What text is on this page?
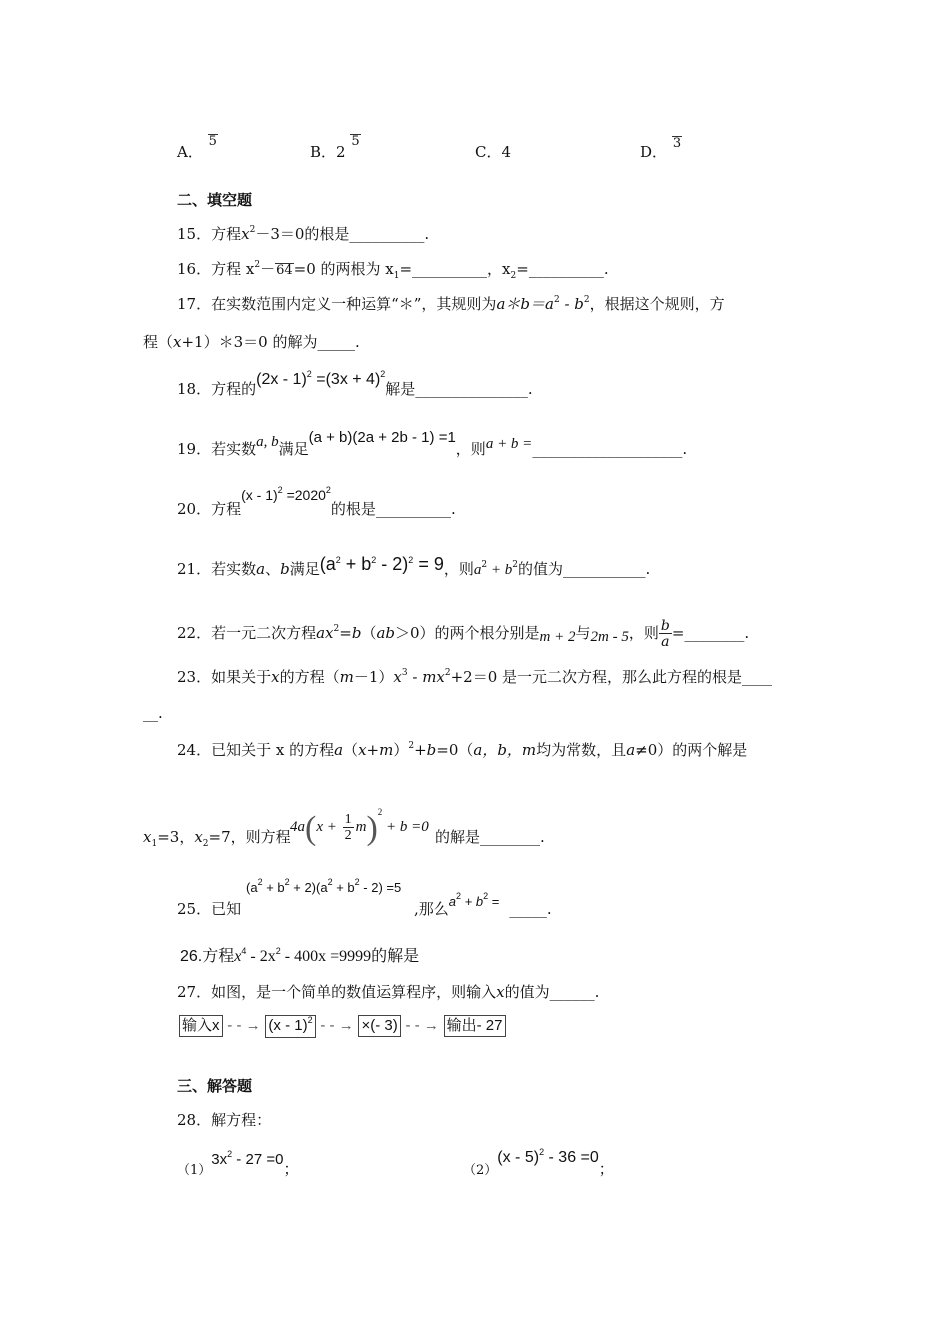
A． 5
B．2 5
C．4	D． 3
二、填空题
15．方程$x^2-3=0$的根是__________.
16．方程 $x^2-64=0$ 的两根为 $x_1=\_\_\_\_\_\_\_\_\_\_$，$x_2=\_\_\_\_\_\_\_\_\_\_$.
17．在实数范围内定义一种运算“＊”，其规则为$a*b=a^2 - b^2$，根据这个规则，方
程（x+1）＊3＝0 的解为_____.
18．方程的$(2x - 1)^2 =(3x + 4)^2$解是_______________.
19．若实数a, b满足(a + b)(2a + 2b - 1) =1，则a + b =____________________.
20．方程$(x - 1)^2 =2020^2$的根是__________.
21．若实数a、b满足$(a^2 + b^2 - 2)^2 = 9$，则$a^2 + b^2$的值为___________.
22．若一元二次方程$ax^2=b(ab>0)$的两个根分别是m + 2与2m - 5，则 $\frac{b}{a}$ =________.
23．如果关于x的方程$(m-1)x^3 - mx^2+2=0$ 是一元二次方程，那么此方程的根是____
__.
24．已知关于 x 的方程$a(x+m)^2+b=0(a$，b，m均为常数，且a≠0）的两个解是
$x_1=3$，$x_2=7$，则方程
$4a(x + \frac{1}{2} m)^2 + b =0$
的解是________.
25．已知
$(a^2 + b^2 + 2)(a^2 + b^2 - 2) =5$
,那么$a^2 + b^2$ = _____.
26.方程$x^4 - 2x^2 - 400x =9999$的解是
27．如图，是一个简单的数值运算程序，则输入x的值为______.
输入x - - → (x - 1)$^2$ - - → ×(- 3) - - → 输出- 27
三、解答题
28．解方程：
$(1)3x^2 - 27 =0$；	（2）(x - 5)$^2$ - 36 =0；
